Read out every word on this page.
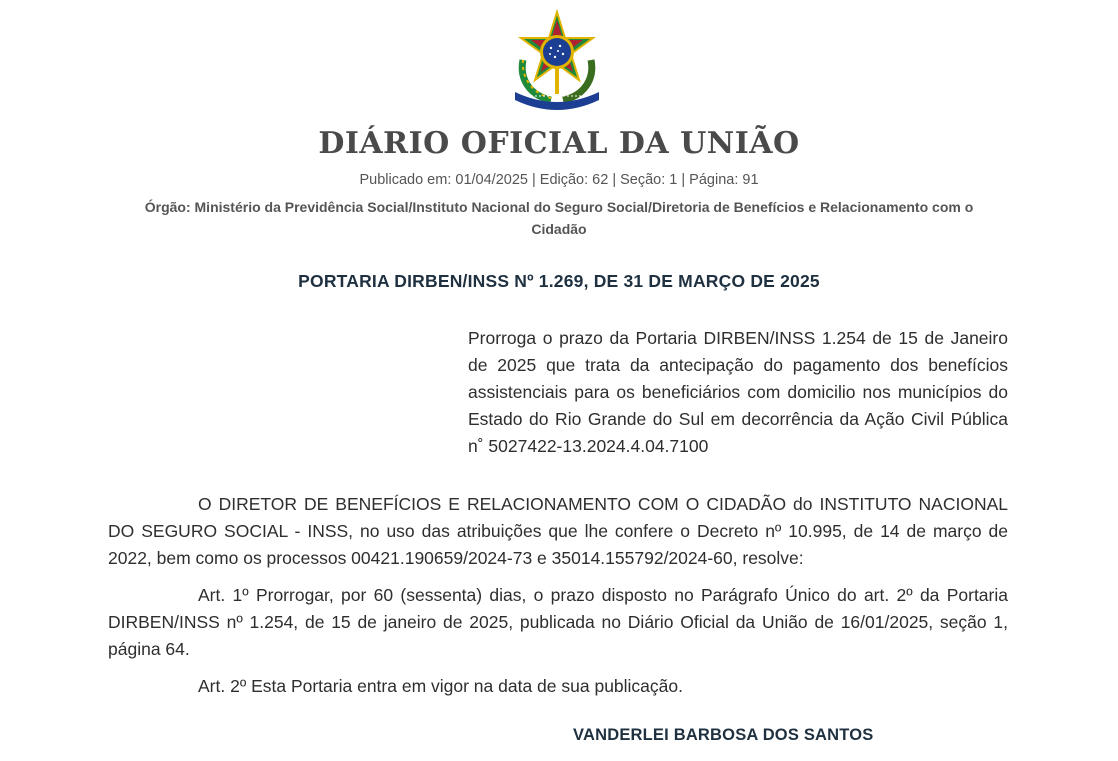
DIÁRIO OFICIAL DA UNIÃO
Publicado em: 01/04/2025 | Edição: 62 | Seção: 1 | Página: 91
Órgão: Ministério da Previdência Social/Instituto Nacional do Seguro Social/Diretoria de Benefícios e Relacionamento com o Cidadão
PORTARIA DIRBEN/INSS Nº 1.269, DE 31 DE MARÇO DE 2025
Prorroga o prazo da Portaria DIRBEN/INSS 1.254 de 15 de Janeiro de 2025 que trata da antecipação do pagamento dos benefícios assistenciais para os beneficiários com domicilio nos municípios do Estado do Rio Grande do Sul em decorrência da Ação Civil Pública n˚ 5027422-13.2024.4.04.7100

O DIRETOR DE BENEFÍCIOS E RELACIONAMENTO COM O CIDADÃO do INSTITUTO NACIONAL DO SEGURO SOCIAL - INSS, no uso das atribuições que lhe confere o Decreto nº 10.995, de 14 de março de 2022, bem como os processos 00421.190659/2024-73 e 35014.155792/2024-60, resolve:

Art. 1º Prorrogar, por 60 (sessenta) dias, o prazo disposto no Parágrafo Único do art. 2º da Portaria DIRBEN/INSS nº 1.254, de 15 de janeiro de 2025, publicada no Diário Oficial da União de 16/01/2025, seção 1, página 64.

Art. 2º Esta Portaria entra em vigor na data de sua publicação.

VANDERLEI BARBOSA DOS SANTOS
